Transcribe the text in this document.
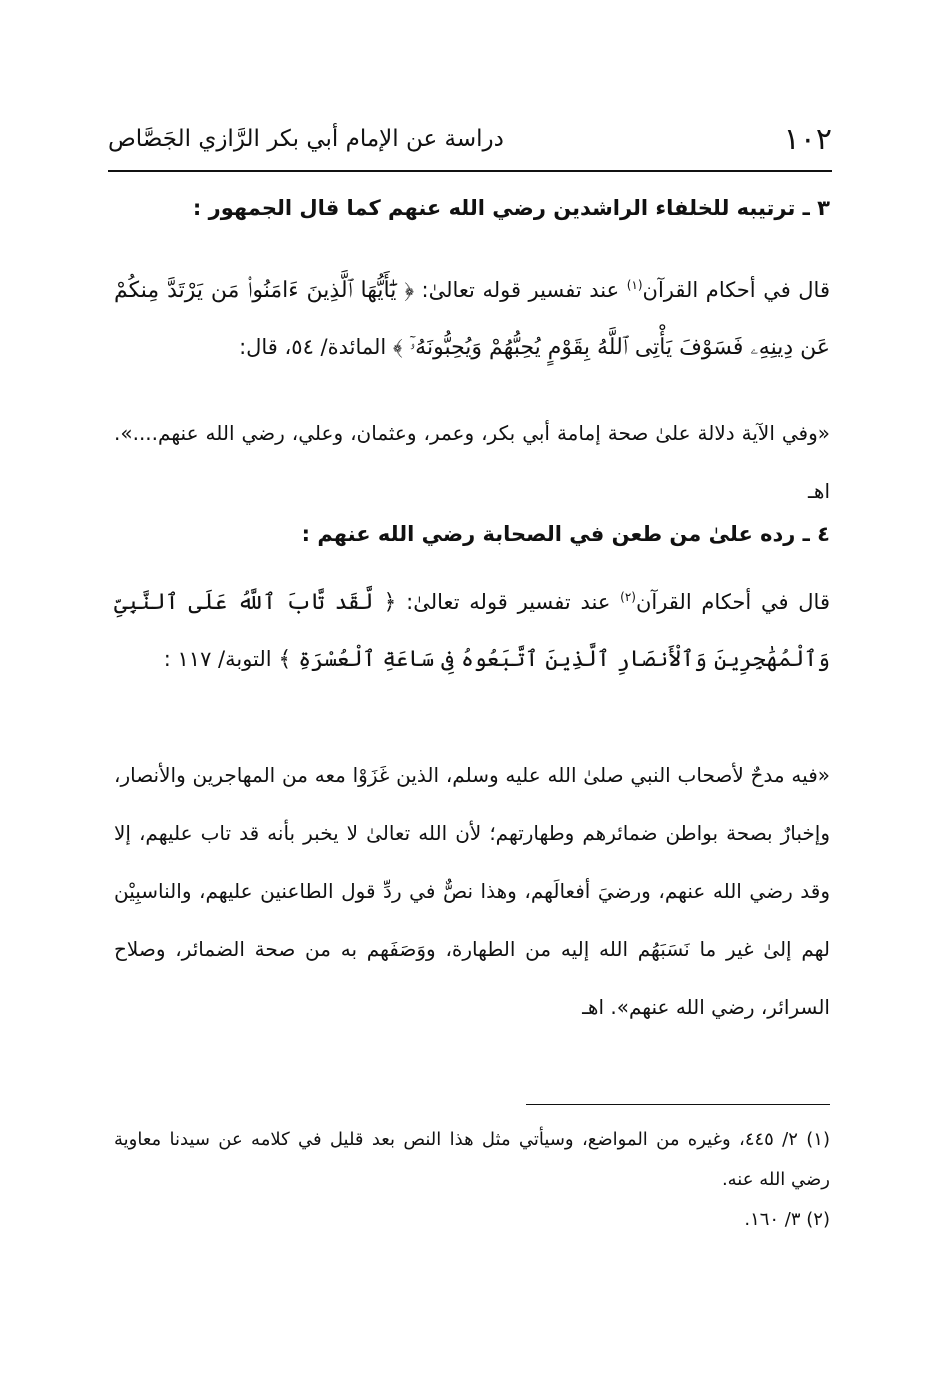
١٠٢
دراسة عن الإمام أبي بكر الرَّازي الجَصَّاص
٣ ـ ترتيبه للخلفاء الراشدين رضي الله عنهم كما قال الجمهور :
قال في أحكام القرآن$^{(١)}$ عند تفسير قوله تعالىٰ: ﴿ يَٰٓأَيُّهَا ٱلَّذِينَ ءَامَنُوا۟ مَن يَرْتَدَّ مِنكُمْ عَن دِينِهِۦ فَسَوْفَ يَأْتِى ٱللَّهُ بِقَوْمٍ يُحِبُّهُمْ وَيُحِبُّونَهُۥٓ ﴾ المائدة/ ٥٤، قال:
«وفي الآية دلالة علىٰ صحة إمامة أبي بكر، وعمر، وعثمان، وعلي، رضي الله عنهم....». اهـ
٤ ـ رده علىٰ من طعن في الصحابة رضي الله عنهم :
قال في أحكام القرآن$^{(٢)}$ عند تفسير قوله تعالىٰ: ﴿ لَّقَد تَّابَ ٱللَّهُ عَلَى ٱلنَّبِىِّ وَٱلْمُهَٰجِرِينَ وَٱلْأَنصَارِ ٱلَّذِينَ ٱتَّبَعُوهُ فِى سَاعَةِ ٱلْعُسْرَةِ ﴾ التوبة/ ١١٧ :
«فيه مدحٌ لأصحاب النبي صلىٰ الله عليه وسلم، الذين غَزَوْا معه من المهاجرين والأنصار، وإخبارٌ بصحة بواطن ضمائرهم وطهارتهم؛ لأن الله تعالىٰ لا يخبر بأنه قد تاب عليهم، إلا وقد رضي الله عنهم، ورضيَ أفعالَهم، وهذا نصٌّ في ردِّ قول الطاعنين عليهم، والناسبِيْن لهم إلىٰ غير ما نَسَبَهُم الله إليه من الطهارة، ووَصَفَهم به من صحة الضمائر، وصلاح السرائر، رضي الله عنهم». اهـ

(١) ٢/ ٤٤٥، وغيره من المواضع، وسيأتي مثل هذا النص بعد قليل في كلامه عن سيدنا معاوية رضي الله عنه.

(٢) ٣/ ١٦٠.
